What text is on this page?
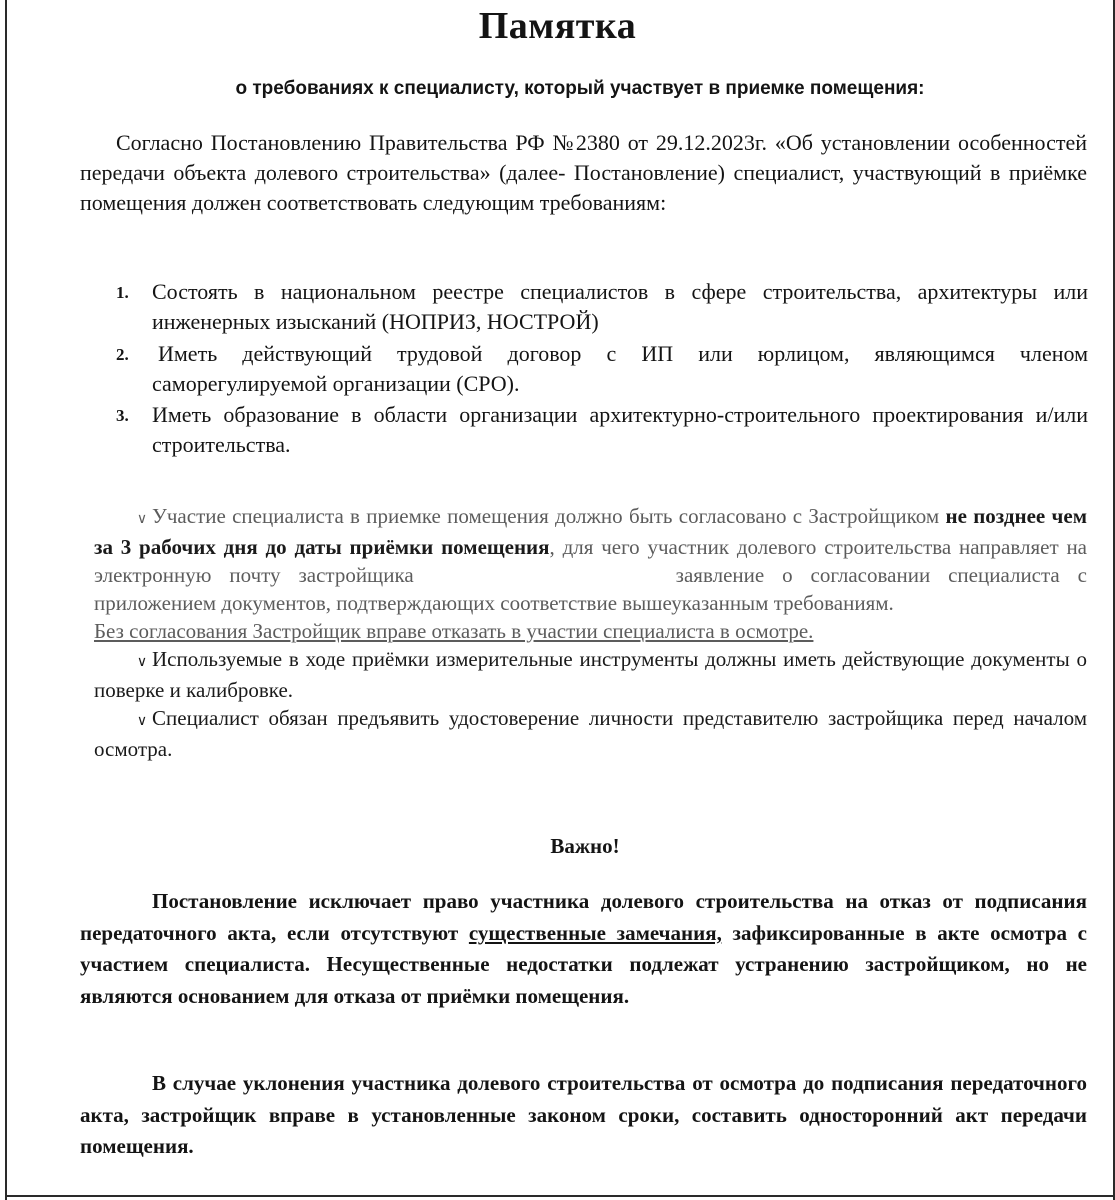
Памятка
о требованиях к специалисту, который участвует в приемке помещения:
Согласно Постановлению Правительства РФ №2380 от 29.12.2023г. «Об установлении особенностей передачи объекта долевого строительства» (далее- Постановление) специалист, участвующий в приёмке помещения должен соответствовать следующим требованиям:
1. Состоять в национальном реестре специалистов в сфере строительства, архитектуры или инженерных изысканий (НОПРИЗ, НОСТРОЙ)
2. Иметь действующий трудовой договор с ИП или юрлицом, являющимся членом саморегулируемой организации (СРО).
3. Иметь образование в области организации архитектурно-строительного проектирования и/или строительства.

∨ Участие специалиста в приемке помещения должно быть согласовано с Застройщиком не позднее чем за 3 рабочих дня до даты приёмки помещения, для чего участник долевого строительства направляет на электронную почту застройщика	заявление о согласовании специалиста с приложением документов, подтверждающих соответствие вышеуказанным требованиям.

Без согласования Застройщик вправе отказать в участии специалиста в осмотре.

∨ Используемые в ходе приёмки измерительные инструменты должны иметь действующие документы о поверке и калибровке.

∨ Специалист обязан предъявить удостоверение личности представителю застройщика перед началом осмотра.

Важно!
Постановление исключает право участника долевого строительства на отказ от подписания передаточного акта, если отсутствуют существенные замечания, зафиксированные в акте осмотра с участием специалиста. Несущественные недостатки подлежат устранению застройщиком, но не являются основанием для отказа от приёмки помещения.
В случае уклонения участника долевого строительства от осмотра до подписания передаточного акта, застройщик вправе в установленные законом сроки, составить односторонний акт передачи помещения.
